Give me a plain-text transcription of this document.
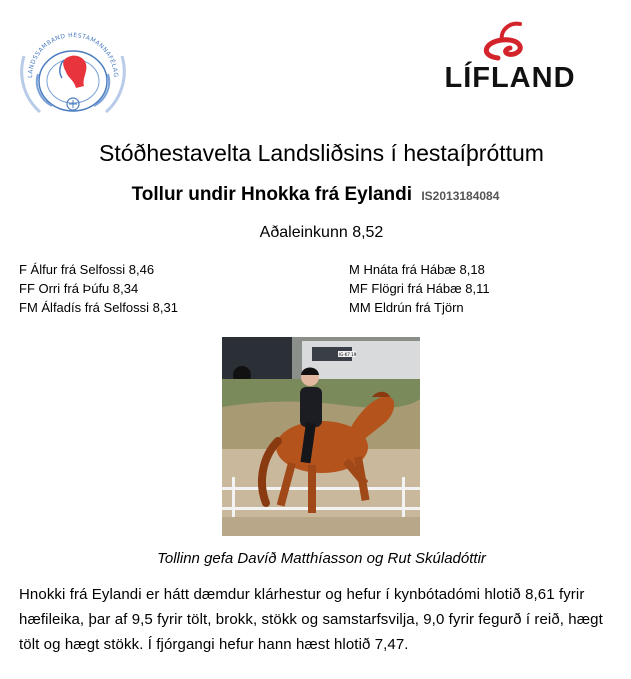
LANDSSAMBAND HESTAMANNAFÉLAG	LÍFLAND
Stóðhestavelta Landsliðsins í hestaíþróttum
Tollur undir Hnokka frá Eylandi IS2013184084
Aðaleinkunn 8,52
F Álfur frá Selfossi 8,46
FF Orri frá Þúfu 8,34
FM Álfadís frá Selfossi 8,31
M Hnáta frá Hábæ 8,18
MF Flögri frá Hábæ 8,11
MM Eldrún frá Tjörn
IG-K7 19
Tollinn gefa Davíð Matthíasson og Rut Skúladóttir
Hnokki frá Eylandi er hátt dæmdur klárhestur og hefur í kynbótadómi hlotið 8,61 fyrir hæfileika, þar af 9,5 fyrir tölt, brokk, stökk og samstarfsvilja, 9,0 fyrir fegurð í reið, hægt tölt og hægt stökk. Í fjórgangi hefur hann hæst hlotið 7,47.
